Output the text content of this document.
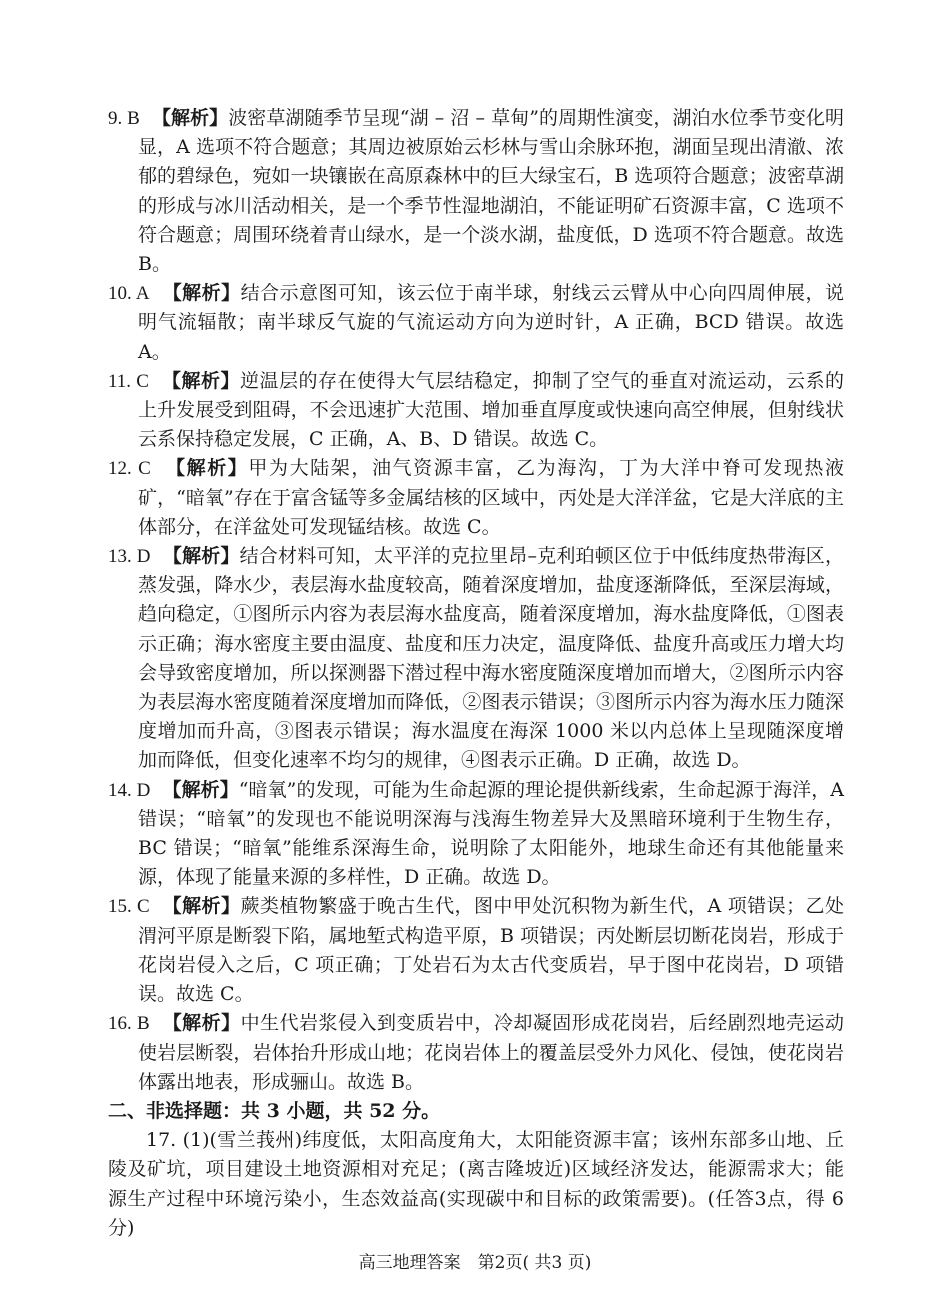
9. B 【解析】波密草湖随季节呈现“湖 – 沼 – 草甸”的周期性演变，湖泊水位季节变化明显，A 选项不符合题意；其周边被原始云杉林与雪山余脉环抱，湖面呈现出清澈、浓郁的碧绿色，宛如一块镶嵌在高原森林中的巨大绿宝石，B 选项符合题意；波密草湖的形成与冰川活动相关，是一个季节性湿地湖泊，不能证明矿石资源丰富，C 选项不符合题意；周围环绕着青山绿水，是一个淡水湖，盐度低，D 选项不符合题意。故选 B。
10. A 【解析】结合示意图可知，该云位于南半球，射线云云臂从中心向四周伸展，说明气流辐散；南半球反气旋的气流运动方向为逆时针，A 正确，BCD 错误。故选 A。
11. C 【解析】逆温层的存在使得大气层结稳定，抑制了空气的垂直对流运动，云系的上升发展受到阻碍，不会迅速扩大范围、增加垂直厚度或快速向高空伸展，但射线状云系保持稳定发展，C 正确，A、B、D 错误。故选 C。
12. C 【解析】甲为大陆架，油气资源丰富，乙为海沟，丁为大洋中脊可发现热液矿，“暗氧”存在于富含锰等多金属结核的区域中，丙处是大洋洋盆，它是大洋底的主体部分，在洋盆处可发现锰结核。故选 C。
13. D 【解析】结合材料可知，太平洋的克拉里昂–克利珀顿区位于中低纬度热带海区，蒸发强，降水少，表层海水盐度较高，随着深度增加，盐度逐渐降低，至深层海域，趋向稳定，①图所示内容为表层海水盐度高，随着深度增加，海水盐度降低，①图表示正确；海水密度主要由温度、盐度和压力决定，温度降低、盐度升高或压力增大均会导致密度增加，所以探测器下潜过程中海水密度随深度增加而增大，②图所示内容为表层海水密度随着深度增加而降低，②图表示错误；③图所示内容为海水压力随深度增加而升高，③图表示错误；海水温度在海深 1000 米以内总体上呈现随深度增加而降低，但变化速率不均匀的规律，④图表示正确。D 正确，故选 D。
14. D 【解析】“暗氧”的发现，可能为生命起源的理论提供新线索，生命起源于海洋，A 错误；“暗氧”的发现也不能说明深海与浅海生物差异大及黑暗环境利于生物生存，BC 错误；“暗氧”能维系深海生命，说明除了太阳能外，地球生命还有其他能量来源，体现了能量来源的多样性，D 正确。故选 D。
15. C 【解析】蕨类植物繁盛于晚古生代，图中甲处沉积物为新生代，A 项错误；乙处渭河平原是断裂下陷，属地堑式构造平原，B 项错误；丙处断层切断花岗岩，形成于花岗岩侵入之后，C 项正确；丁处岩石为太古代变质岩，早于图中花岗岩，D 项错误。故选 C。
16. B 【解析】中生代岩浆侵入到变质岩中，冷却凝固形成花岗岩，后经剧烈地壳运动使岩层断裂，岩体抬升形成山地；花岗岩体上的覆盖层受外力风化、侵蚀，使花岗岩体露出地表，形成骊山。故选 B。
二、非选择题：共 3 小题，共 52 分。
17. (1)(雪兰莪州)纬度低，太阳高度角大，太阳能资源丰富；该州东部多山地、丘陵及矿坑，项目建设土地资源相对充足；(离吉隆坡近)区域经济发达，能源需求大；能源生产过程中环境污染小，生态效益高(实现碳中和目标的政策需要)。(任答3点，得 6 分)
高三地理答案　第2页( 共3 页)
